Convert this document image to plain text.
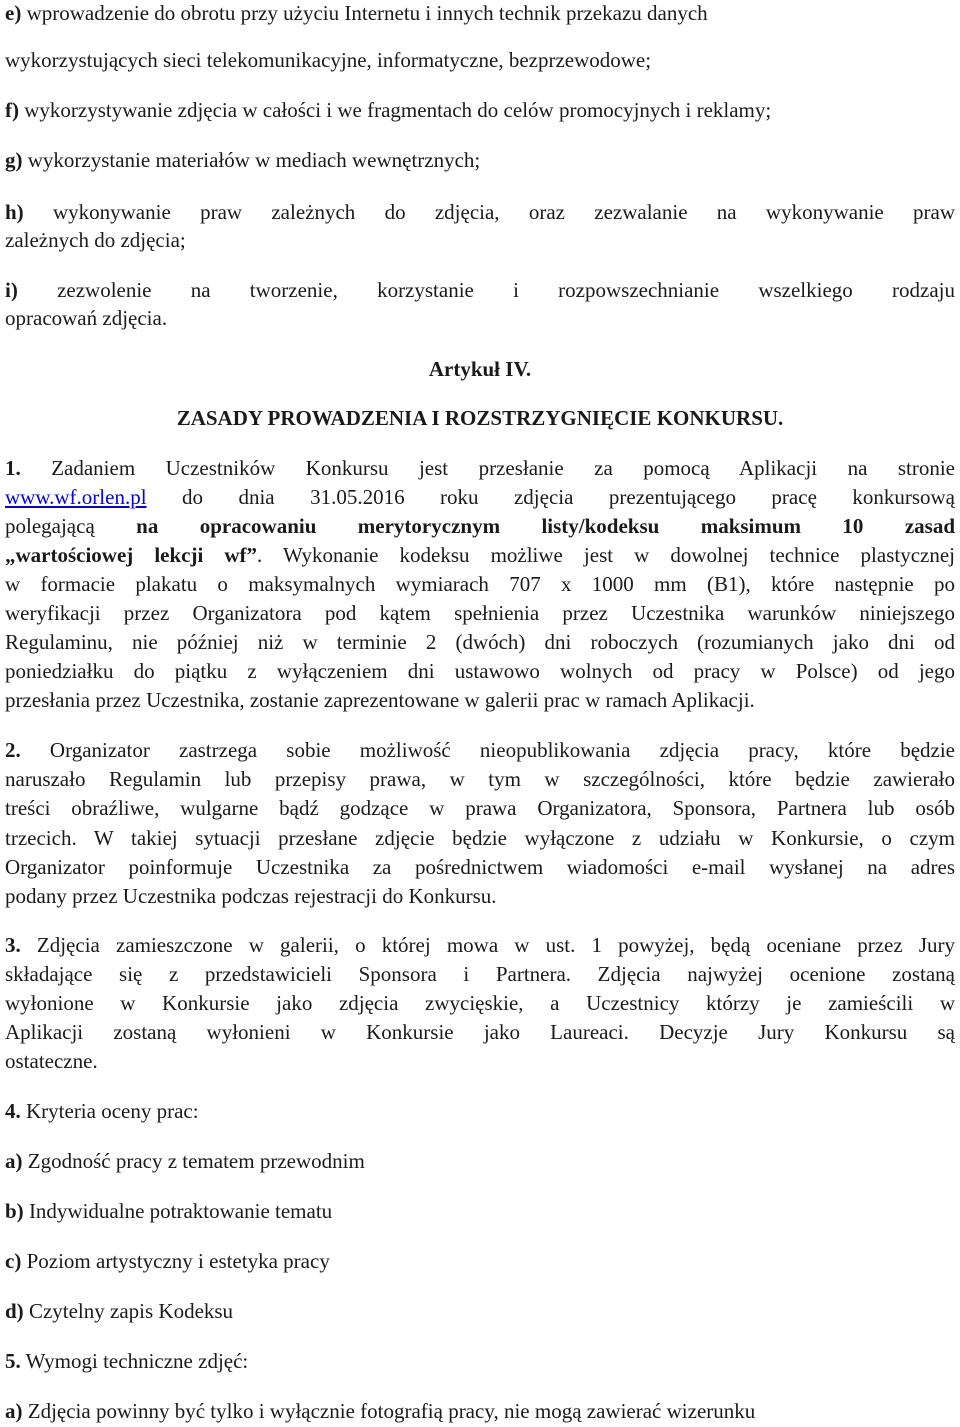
e) wprowadzenie do obrotu przy użyciu Internetu i innych technik przekazu danych
wykorzystujących sieci telekomunikacyjne, informatyczne, bezprzewodowe;
f) wykorzystywanie zdjęcia w całości i we fragmentach do celów promocyjnych i reklamy;
g) wykorzystanie materiałów w mediach wewnętrznych;
h) wykonywanie praw zależnych do zdjęcia, oraz zezwalanie na wykonywanie praw
zależnych do zdjęcia;
i) zezwolenie na tworzenie, korzystanie i rozpowszechnianie wszelkiego rodzaju
opracowań zdjęcia.
Artykuł IV.
ZASADY PROWADZENIA I ROZSTRZYGNIĘCIE KONKURSU.
1. Zadaniem Uczestników Konkursu jest przesłanie za pomocą Aplikacji na stronie
www.wf.orlen.pl do dnia 31.05.2016 roku zdjęcia prezentującego pracę konkursową
polegającą na opracowaniu merytorycznym listy/kodeksu maksimum 10 zasad
„wartościowej lekcji wf”. Wykonanie kodeksu możliwe jest w dowolnej technice plastycznej
w formacie plakatu o maksymalnych wymiarach 707 x 1000 mm (B1), które następnie po
weryfikacji przez Organizatora pod kątem spełnienia przez Uczestnika warunków niniejszego
Regulaminu, nie później niż w terminie 2 (dwóch) dni roboczych (rozumianych jako dni od
poniedziałku do piątku z wyłączeniem dni ustawowo wolnych od pracy w Polsce) od jego
przesłania przez Uczestnika, zostanie zaprezentowane w galerii prac w ramach Aplikacji.
2. Organizator zastrzega sobie możliwość nieopublikowania zdjęcia pracy, które będzie
naruszało Regulamin lub przepisy prawa, w tym w szczególności, które będzie zawierało
treści obraźliwe, wulgarne bądź godzące w prawa Organizatora, Sponsora, Partnera lub osób
trzecich. W takiej sytuacji przesłane zdjęcie będzie wyłączone z udziału w Konkursie, o czym
Organizator poinformuje Uczestnika za pośrednictwem wiadomości e-mail wysłanej na adres
podany przez Uczestnika podczas rejestracji do Konkursu.
3. Zdjęcia zamieszczone w galerii, o której mowa w ust. 1 powyżej, będą oceniane przez Jury
składające się z przedstawicieli Sponsora i Partnera. Zdjęcia najwyżej ocenione zostaną
wyłonione w Konkursie jako zdjęcia zwycięskie, a Uczestnicy którzy je zamieścili w
Aplikacji zostaną wyłonieni w Konkursie jako Laureaci. Decyzje Jury Konkursu są
ostateczne.
4. Kryteria oceny prac:
a) Zgodność pracy z tematem przewodnim
b) Indywidualne potraktowanie tematu
c) Poziom artystyczny i estetyka pracy
d) Czytelny zapis Kodeksu
5. Wymogi techniczne zdjęć:
a) Zdjęcia powinny być tylko i wyłącznie fotografią pracy, nie mogą zawierać wizerunku
